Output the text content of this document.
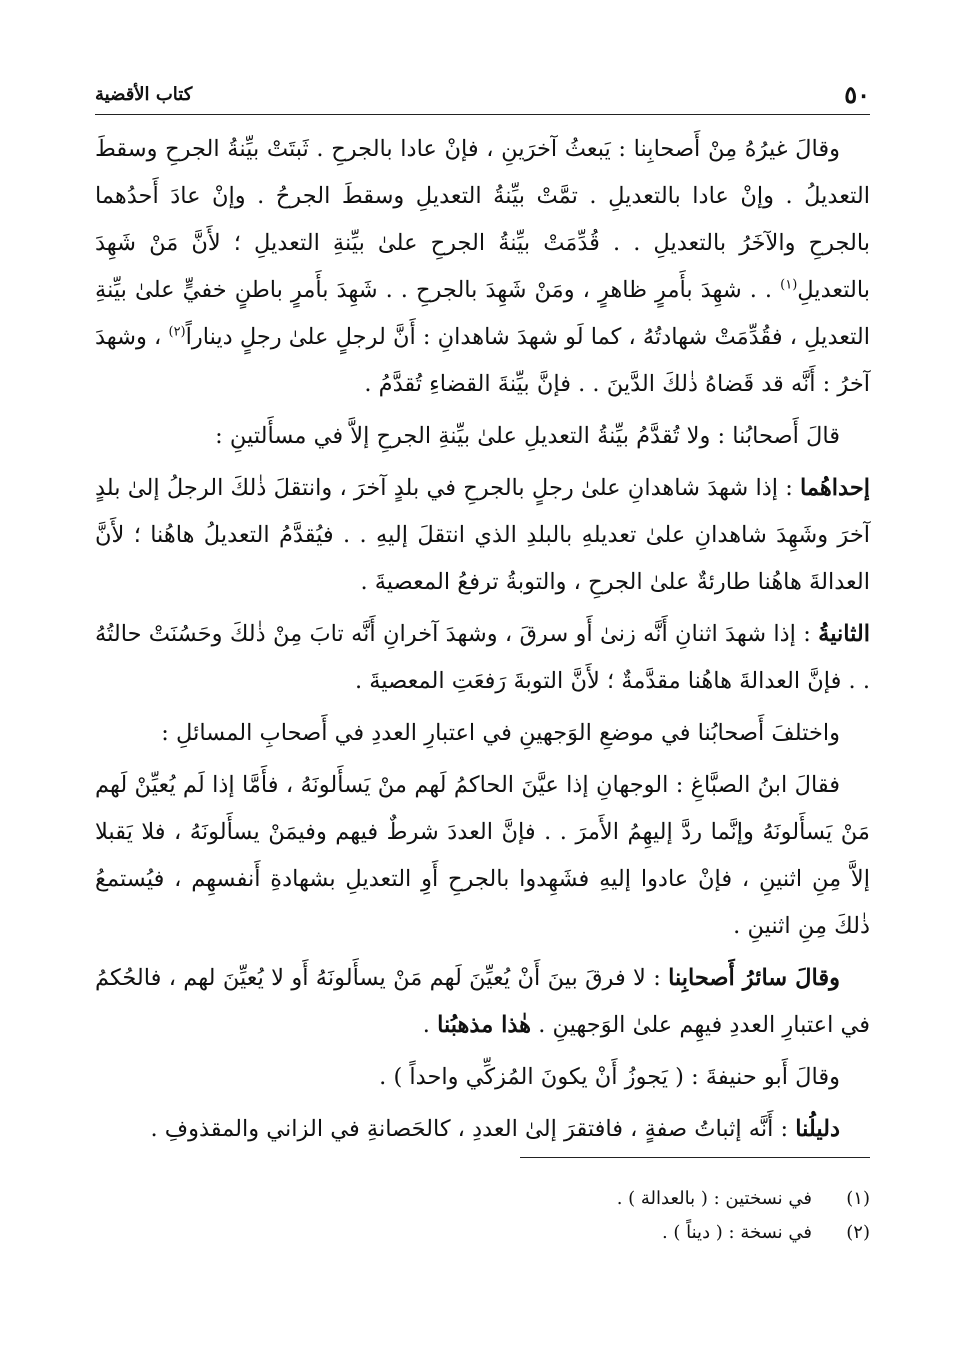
٥٠
كتاب الأقضية

وقالَ غيرُهُ مِنْ أَصحابِنا : يَبعثُ آخرَينِ ، فإنْ عادا بالجرحِ . ثَبتَتْ بيِّنةُ الجرحِ وسقطَ التعديلُ . وإنْ عادا بالتعديلِ . تمَّتْ بيِّنةُ التعديلِ وسقطَ الجرحُ . وإنْ عادَ أَحدُهما بالجرحِ والآخَرُ بالتعديلِ . . قُدِّمَتْ بيِّنةُ الجرحِ علىٰ بيِّنةِ التعديلِ ؛ لأَنَّ مَنْ شَهِدَ بالتعديلِ$^{(١)}$ . . شهِدَ بأَمرٍ ظاهرٍ ، ومَنْ شَهِدَ بالجرحِ . . شَهِدَ بأَمرٍ باطنٍ خفيٍّ علىٰ بيِّنةِ التعديلِ ، فقُدِّمَتْ شهادتُهُ ، كما لَو شهدَ شاهدانِ : أَنَّ لرجلٍ علىٰ رجلٍ ديناراً$^{(٢)}$ ، وشهدَ آخرُ : أَنَّه قد قَضاهُ ذٰلكَ الدَّينَ . . فإنَّ بيِّنةَ القضاءِ تُقدَّمُ .

قالَ أَصحابُنا : ولا تُقدَّمُ بيِّنةُ التعديلِ علىٰ بيِّنةِ الجرحِ إلاَّ في مسأَلتينِ :

إحداهُما : إذا شهدَ شاهدانِ علىٰ رجلٍ بالجرحِ في بلدٍ آخرَ ، وانتقلَ ذٰلكَ الرجلُ إلىٰ بلدٍ آخرَ وشَهِدَ شاهدانِ علىٰ تعديلهِ بالبلدِ الذي انتقلَ إليهِ . . فيُقدَّمُ التعديلُ هاهُنا ؛ لأَنَّ العدالةَ هاهُنا طارئةٌ علىٰ الجرحِ ، والتوبةُ ترفعُ المعصيةَ .

الثانيةُ : إذا شهدَ اثنانِ أَنَّه زنىٰ أَو سرقَ ، وشهدَ آخرانِ أَنَّه تابَ مِنْ ذٰلكَ وحَسُنَتْ حالتُهُ . . فإنَّ العدالةَ هاهُنا مقدَّمةٌ ؛ لأَنَّ التوبةَ رَفعَتِ المعصيةَ .

واختلفَ أَصحابُنا في موضعِ الوَجهينِ في اعتبارِ العددِ في أَصحابِ المسائلِ :

فقالَ ابنُ الصبَّاغِ : الوجهانِ إذا عيَّنَ الحاكمُ لَهم منْ يَسأَلونَهُ ، فأَمَّا إذا لَم يُعيِّنْ لَهم مَنْ يَسأَلونَهُ وإنَّما ردَّ إليهِمُ الأَمرَ . . فإنَّ العددَ شرطٌ فيهم وفيمَنْ يسأَلونَهُ ، فلا يَقبلا إلاَّ مِنِ اثنينِ ، فإنْ عادوا إليهِ فشَهِدوا بالجرحِ أَوِ التعديلِ بشهادةِ أَنفسهِم ، فيُستمعُ ذٰلكَ مِنِ اثنينِ .

وقالَ سائرُ أَصحابِنا : لا فرقَ بينَ أَنْ يُعيِّنَ لَهم مَنْ يسأَلونَهُ أَو لا يُعيِّنَ لهم ، فالحُكمُ في اعتبارِ العددِ فيهِم علىٰ الوَجهينِ . هٰذا مذهبُنا .

وقالَ أَبو حنيفةَ : ( يَجوزُ أَنْ يكونَ المُزكِّي واحداً ) .

دليلُنا : أَنَّه إثباتُ صفةٍ ، فافتقرَ إلىٰ العددِ ، كالحَصانةِ في الزاني والمقذوفِ .

(١)
في نسختين : ( بالعدالة ) .
(٢)
في نسخة : ( ديناً ) .
